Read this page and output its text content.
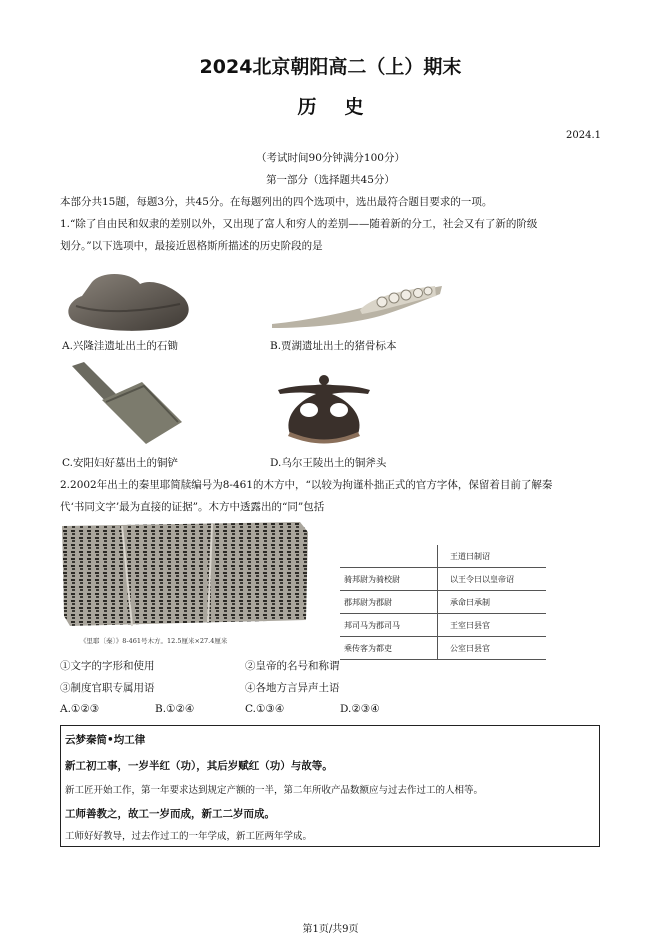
2024北京朝阳高二（上）期末
历史
2024.1
（考试时间90分钟满分100分）
第一部分（选择题共45分）
本部分共15题，每题3分，共45分。在每题列出的四个选项中，选出最符合题目要求的一项。
1.“除了自由民和奴隶的差别以外，又出现了富人和穷人的差别——随着新的分工，社会又有了新的阶级
划分。”以下选项中，最接近恩格斯所描述的历史阶段的是
A.兴隆洼遗址出土的石锄	B.贾湖遗址出土的猪骨标本
C.安阳妇好墓出土的铜铲	D.乌尔王陵出土的铜斧头
2.2002年出土的秦里耶简牍编号为8-461的木方中，“以较为拘谨朴拙正式的官方字体，保留着目前了解秦
代‘书同文字’最为直接的证据”。木方中透露出的“同”包括
《里耶〔秦〕》8-461号木方。12.5厘米×27.4厘米
	王道曰制诏
骑邦尉为骑校尉	以王令曰以皇帝诏
郡邦尉为郡尉	承命曰承制
邦司马为郡司马	王室曰县官
乘传客为都吏	公室曰县官
①文字的字形和使用	②皇帝的名号和称谓
③制度官职专属用语	④各地方言异声土语
A.①②③	B.①②④	C.①③④	D.②③④
云梦秦简•均工律
新工初工事，一岁半红（功），其后岁赋红（功）与故等。
新工匠开始工作，第一年要求达到规定产额的一半，第二年所收产品数额应与过去作过工的人相等。
工师善教之，故工一岁而成，新工二岁而成。
工师好好教导，过去作过工的一年学成，新工匠两年学成。
第1页/共9页
